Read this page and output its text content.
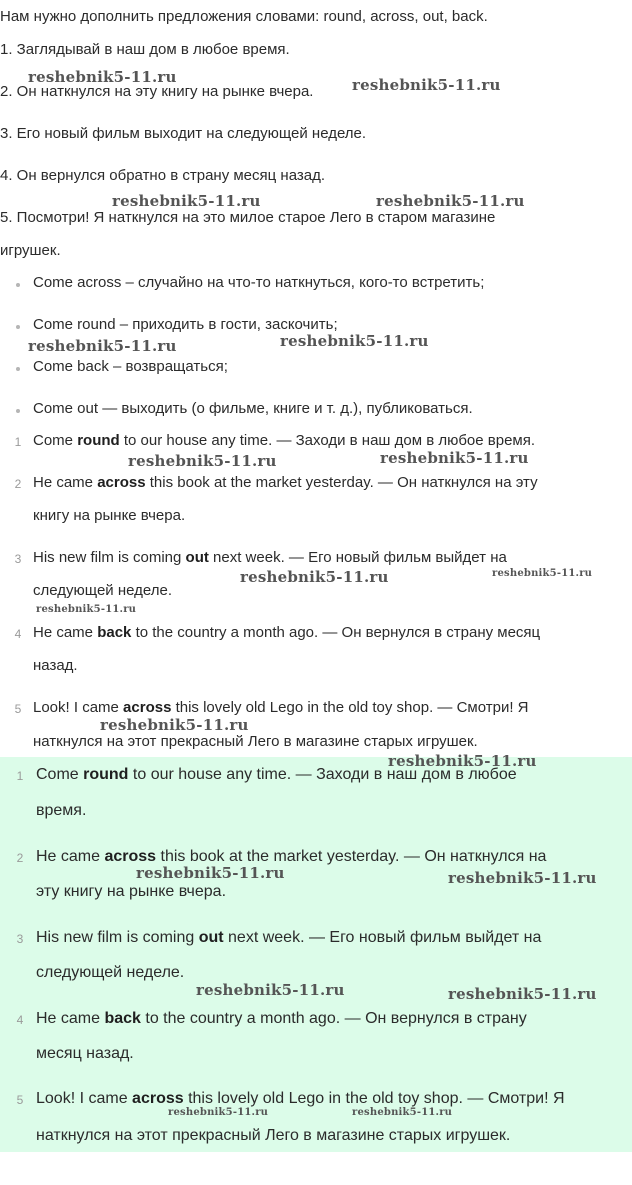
Нам нужно дополнить предложения словами: round, across, out, back.
1. Заглядывай в наш дом в любое время.
2. Он наткнулся на эту книгу на рынке вчера.
3. Его новый фильм выходит на следующей неделе.
4. Он вернулся обратно в страну месяц назад.
5. Посмотри! Я наткнулся на это милое старое Лего в старом магазине
игрушек.
Come across – случайно на что-то наткнуться, кого-то встретить;
Come round – приходить в гости, заскочить;
Come back – возвращаться;
Come out — выходить (о фильме, книге и т. д.), публиковаться.
1 Come round to our house any time. — Заходи в наш дом в любое время.
2 He came across this book at the market yesterday. — Он наткнулся на эту
книгу на рынке вчера.
3 His new film is coming out next week. — Его новый фильм выйдет на
следующей неделе.
4 He came back to the country a month ago. — Он вернулся в страну месяц
назад.
5 Look! I came across this lovely old Lego in the old toy shop. — Смотри! Я
наткнулся на этот прекрасный Лего в магазине старых игрушек.
1 Come round to our house any time. — Заходи в наш дом в любое
время.
2 He came across this book at the market yesterday. — Он наткнулся на
эту книгу на рынке вчера.
3 His new film is coming out next week. — Его новый фильм выйдет на
следующей неделе.
4 He came back to the country a month ago. — Он вернулся в страну
месяц назад.
5 Look! I came across this lovely old Lego in the old toy shop. — Смотри! Я
наткнулся на этот прекрасный Лего в магазине старых игрушек.
reshebnik5-11.ru	reshebnik5-11.ru
reshebnik5-11.ru	reshebnik5-11.ru
reshebnik5-11.ru	reshebnik5-11.ru
reshebnik5-11.ru	reshebnik5-11.ru
reshebnik5-11.ru	reshebnik5-11.ru
reshebnik5-11.ru
reshebnik5-11.ru
reshebnik5-11.ru
reshebnik5-11.ru	reshebnik5-11.ru
reshebnik5-11.ru	reshebnik5-11.ru
reshebnik5-11.ru	reshebnik5-11.ru
